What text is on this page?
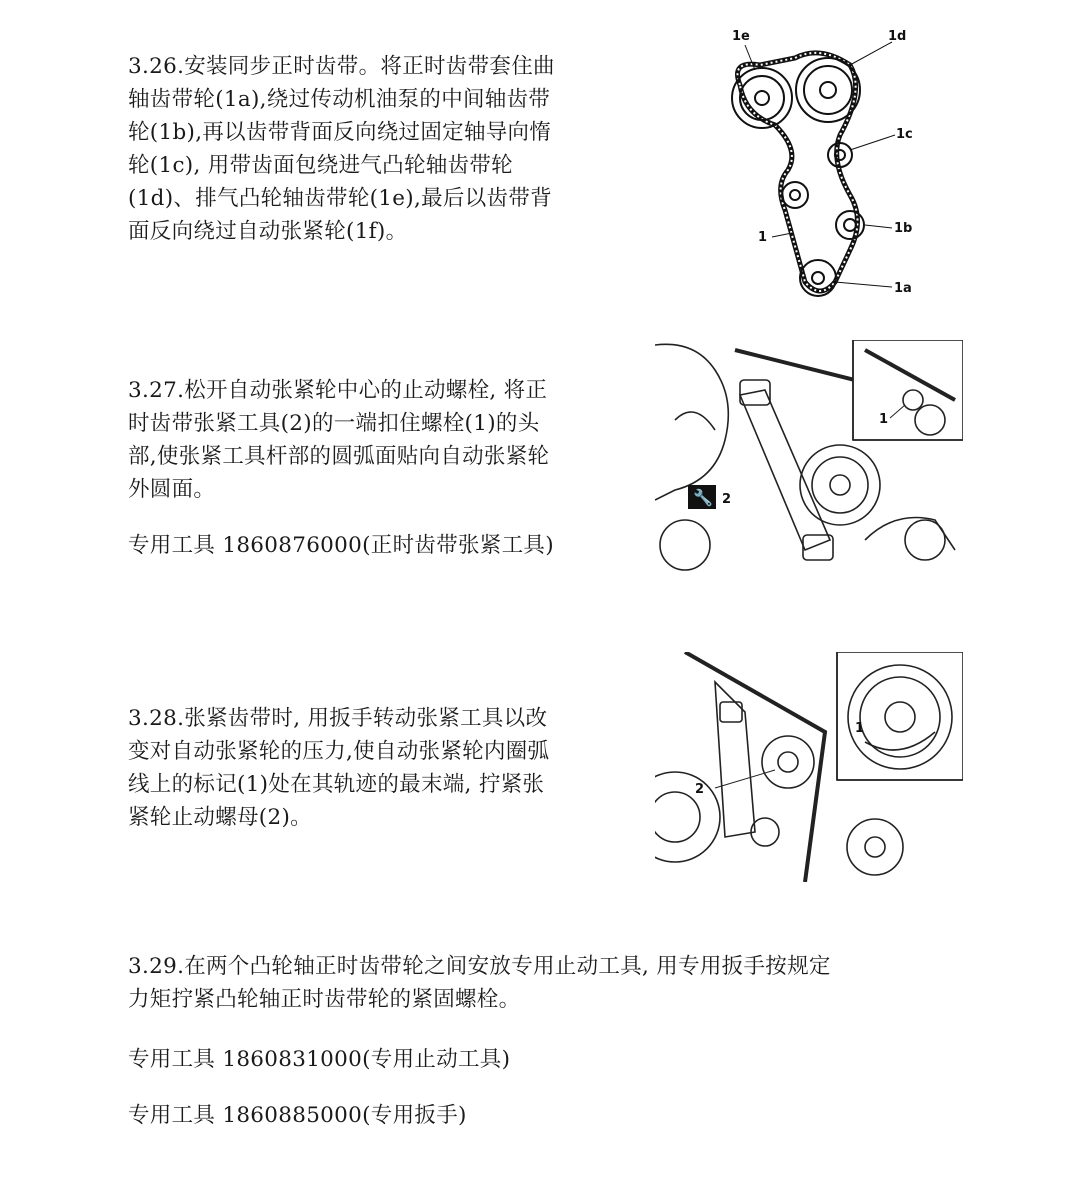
3.26.安装同步正时齿带。将正时齿带套住曲
轴齿带轮(1a),绕过传动机油泵的中间轴齿带
轮(1b),再以齿带背面反向绕过固定轴导向惰
轮(1c), 用带齿面包绕进气凸轮轴齿带轮
(1d)、排气凸轮轴齿带轮(1e),最后以齿带背
面反向绕过自动张紧轮(1f)。

1e	1d
1c
1b
1a
1

3.27.松开自动张紧轮中心的止动螺栓, 将正
时齿带张紧工具(2)的一端扣住螺栓(1)的头
部,使张紧工具杆部的圆弧面贴向自动张紧轮
外圆面。

专用工具 1860876000(正时齿带张紧工具)

🔧 2
1

3.28.张紧齿带时, 用扳手转动张紧工具以改
变对自动张紧轮的压力,使自动张紧轮内圈弧
线上的标记(1)处在其轨迹的最末端, 拧紧张
紧轮止动螺母(2)。

2
1

3.29.在两个凸轮轴正时齿带轮之间安放专用止动工具, 用专用扳手按规定
力矩拧紧凸轮轴正时齿带轮的紧固螺栓。

专用工具 1860831000(专用止动工具)

专用工具 1860885000(专用扳手)
